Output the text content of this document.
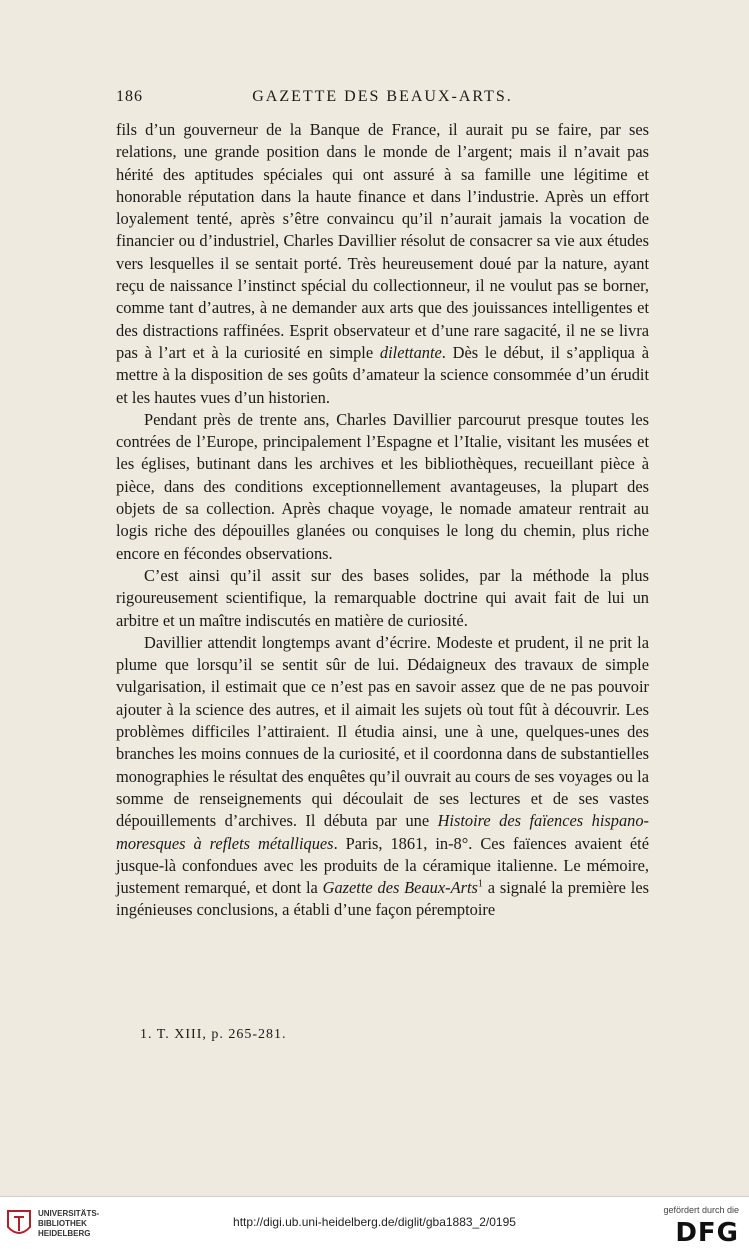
186	GAZETTE DES BEAUX-ARTS.

fils d’un gouverneur de la Banque de France, il aurait pu se faire, par ses relations, une grande position dans le monde de l’argent; mais il n’avait pas hérité des aptitudes spéciales qui ont assuré à sa famille une légitime et honorable réputation dans la haute finance et dans l’industrie. Après un effort loyalement tenté, après s’être convaincu qu’il n’aurait jamais la vocation de financier ou d’industriel, Charles Davillier résolut de consacrer sa vie aux études vers lesquelles il se sentait porté. Très heureusement doué par la nature, ayant reçu de naissance l’instinct spécial du collectionneur, il ne voulut pas se borner, comme tant d’autres, à ne demander aux arts que des jouissances intelligentes et des distractions raffinées. Esprit observateur et d’une rare sagacité, il ne se livra pas à l’art et à la curiosité en simple dilettante. Dès le début, il s’appliqua à mettre à la disposition de ses goûts d’amateur la science consommée d’un érudit et les hautes vues d’un historien.

Pendant près de trente ans, Charles Davillier parcourut presque toutes les contrées de l’Europe, principalement l’Espagne et l’Italie, visitant les musées et les églises, butinant dans les archives et les bibliothèques, recueillant pièce à pièce, dans des conditions exceptionnellement avantageuses, la plupart des objets de sa collection. Après chaque voyage, le nomade amateur rentrait au logis riche des dépouilles glanées ou conquises le long du chemin, plus riche encore en fécondes observations.

C’est ainsi qu’il assit sur des bases solides, par la méthode la plus rigoureusement scientifique, la remarquable doctrine qui avait fait de lui un arbitre et un maître indiscutés en matière de curiosité.

Davillier attendit longtemps avant d’écrire. Modeste et prudent, il ne prit la plume que lorsqu’il se sentit sûr de lui. Dédaigneux des travaux de simple vulgarisation, il estimait que ce n’est pas en savoir assez que de ne pas pouvoir ajouter à la science des autres, et il aimait les sujets où tout fût à découvrir. Les problèmes difficiles l’attiraient. Il étudia ainsi, une à une, quelques-unes des branches les moins connues de la curiosité, et il coordonna dans de substantielles monographies le résultat des enquêtes qu’il ouvrait au cours de ses voyages ou la somme de renseignements qui découlait de ses lectures et de ses vastes dépouillements d’archives. Il débuta par une Histoire des faïences hispano-moresques à reflets métalliques. Paris, 1861, in-8°. Ces faïences avaient été jusque-là confondues avec les produits de la céramique italienne. Le mémoire, justement remarqué, et dont la Gazette des Beaux-Arts$^1$ a signalé la première les ingénieuses conclusions, a établi d’une façon péremptoire

1. T. XIII, p. 265-281.
UNIVERSITÄTS-
BIBLIOTHEK
HEIDELBERG
http://digi.ub.uni-heidelberg.de/diglit/gba1883_2/0195
gefördert durch die
DFG
